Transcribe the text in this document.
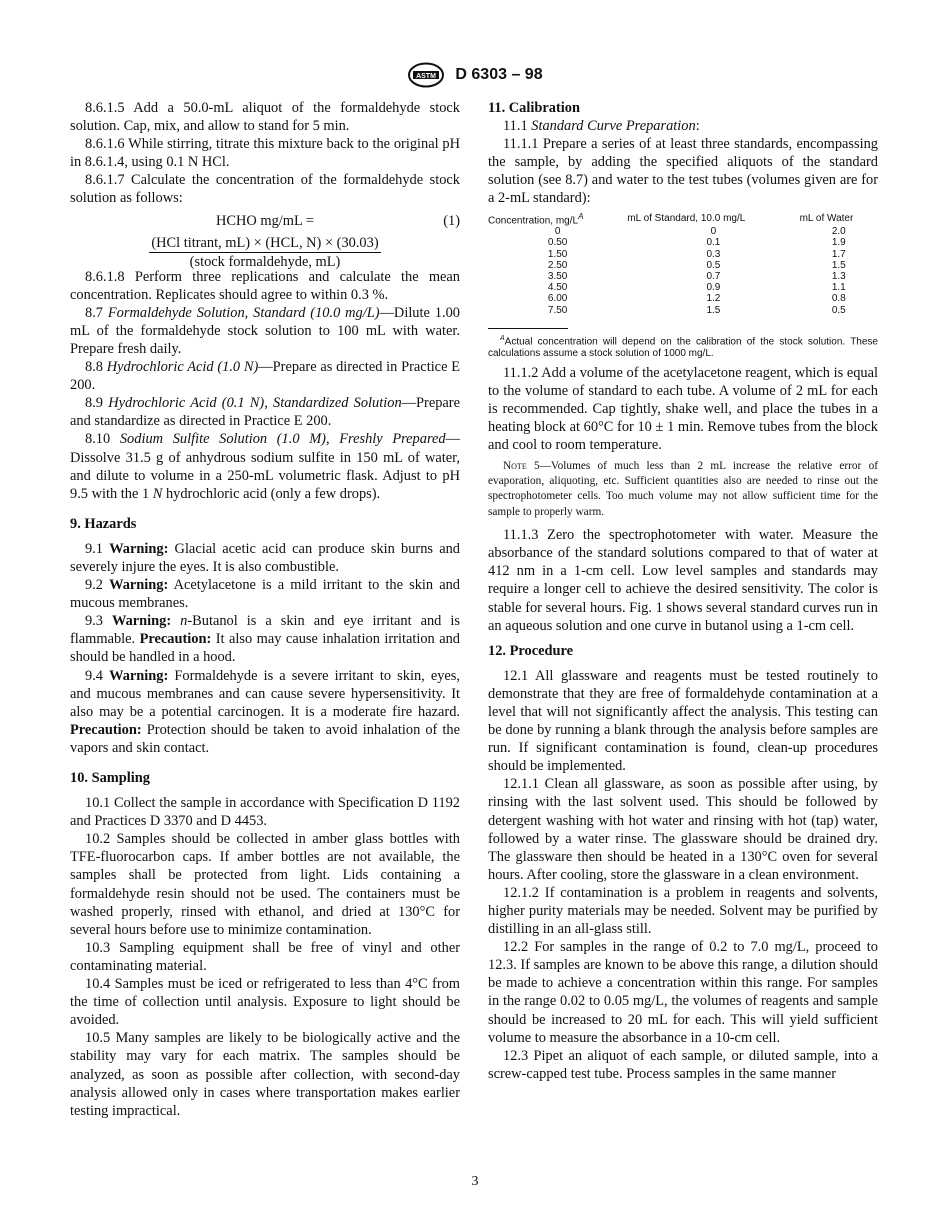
ASTM D 6303 – 98

8.6.1.5 Add a 50.0-mL aliquot of the formaldehyde stock solution. Cap, mix, and allow to stand for 5 min.

8.6.1.6 While stirring, titrate this mixture back to the original pH in 8.6.1.4, using 0.1 N HCl.

8.6.1.7 Calculate the concentration of the formaldehyde stock solution as follows:

HCHO mg/mL =	(1)
(HCl titrant, mL) × (HCL, N) × (30.03)
(stock formaldehyde, mL)

8.6.1.8 Perform three replications and calculate the mean concentration. Replicates should agree to within 0.3 %.

8.7 Formaldehyde Solution, Standard (10.0 mg/L)—Dilute 1.00 mL of the formaldehyde stock solution to 100 mL with water. Prepare fresh daily.

8.8 Hydrochloric Acid (1.0 N)—Prepare as directed in Practice E 200.

8.9 Hydrochloric Acid (0.1 N), Standardized Solution—Prepare and standardize as directed in Practice E 200.

8.10 Sodium Sulfite Solution (1.0 M), Freshly Prepared—Dissolve 31.5 g of anhydrous sodium sulfite in 150 mL of water, and dilute to volume in a 250-mL volumetric flask. Adjust to pH 9.5 with the 1 N hydrochloric acid (only a few drops).

9. Hazards

9.1 Warning: Glacial acetic acid can produce skin burns and severely injure the eyes. It is also combustible.

9.2 Warning: Acetylacetone is a mild irritant to the skin and mucous membranes.

9.3 Warning: n-Butanol is a skin and eye irritant and is flammable. Precaution: It also may cause inhalation irritation and should be handled in a hood.

9.4 Warning: Formaldehyde is a severe irritant to skin, eyes, and mucous membranes and can cause severe hypersensitivity. It also may be a potential carcinogen. It is a moderate fire hazard. Precaution: Protection should be taken to avoid inhalation of the vapors and skin contact.

10. Sampling

10.1 Collect the sample in accordance with Specification D 1192 and Practices D 3370 and D 4453.

10.2 Samples should be collected in amber glass bottles with TFE-fluorocarbon caps. If amber bottles are not available, the samples shall be protected from light. Lids containing a formaldehyde resin should not be used. The containers must be washed properly, rinsed with ethanol, and dried at 130°C for several hours before use to minimize contamination.

10.3 Sampling equipment shall be free of vinyl and other contaminating material.

10.4 Samples must be iced or refrigerated to less than 4°C from the time of collection until analysis. Exposure to light should be avoided.

10.5 Many samples are likely to be biologically active and the stability may vary for each matrix. The samples should be analyzed, as soon as possible after collection, with second-day analysis allowed only in cases where transportation makes earlier testing impractical.

11. Calibration

11.1 Standard Curve Preparation:

11.1.1 Prepare a series of at least three standards, encompassing the sample, by adding the specified aliquots of the standard solution (see 8.7) and water to the test tubes (volumes given are for a 2-mL standard):

Concentration, $mg/L^A$	mL of Standard, 10.0 mg/L	mL of Water
0	0	2.0
0.50	0.1	1.9
1.50	0.3	1.7
2.50	0.5	1.5
3.50	0.7	1.3
4.50	0.9	1.1
6.00	1.2	0.8
7.50	1.5	0.5
$^A$Actual concentration will depend on the calibration of the stock solution. These calculations assume a stock solution of 1000 mg/L.

11.1.2 Add a volume of the acetylacetone reagent, which is equal to the volume of standard to each tube. A volume of 2 mL for each is recommended. Cap tightly, shake well, and place the tubes in a heating block at 60°C for 10 ± 1 min. Remove tubes from the block and cool to room temperature.

Note 5—Volumes of much less than 2 mL increase the relative error of evaporation, aliquoting, etc. Sufficient quantities also are needed to rinse out the spectrophotometer cells. Too much volume may not allow sufficient time for the sample to properly warm.

11.1.3 Zero the spectrophotometer with water. Measure the absorbance of the standard solutions compared to that of water at 412 nm in a 1-cm cell. Low level samples and standards may require a longer cell to achieve the desired sensitivity. The color is stable for several hours. Fig. 1 shows several standard curves run in an aqueous solution and one curve in butanol using a 1-cm cell.

12. Procedure

12.1 All glassware and reagents must be tested routinely to demonstrate that they are free of formaldehyde contamination at a level that will not significantly affect the analysis. This testing can be done by running a blank through the analysis before samples are run. If significant contamination is found, clean-up procedures should be implemented.

12.1.1 Clean all glassware, as soon as possible after using, by rinsing with the last solvent used. This should be followed by detergent washing with hot water and rinsing with hot (tap) water, followed by a water rinse. The glassware should be drained dry. The glassware then should be heated in a 130°C oven for several hours. After cooling, store the glassware in a clean environment.

12.1.2 If contamination is a problem in reagents and solvents, higher purity materials may be needed. Solvent may be purified by distilling in an all-glass still.

12.2 For samples in the range of 0.2 to 7.0 mg/L, proceed to 12.3. If samples are known to be above this range, a dilution should be made to achieve a concentration within this range. For samples in the range 0.02 to 0.05 mg/L, the volumes of reagents and sample should be increased to 20 mL for each. This will yield sufficient volume to measure the absorbance in a 10-cm cell.

12.3 Pipet an aliquot of each sample, or diluted sample, into a screw-capped test tube. Process samples in the same manner

3
